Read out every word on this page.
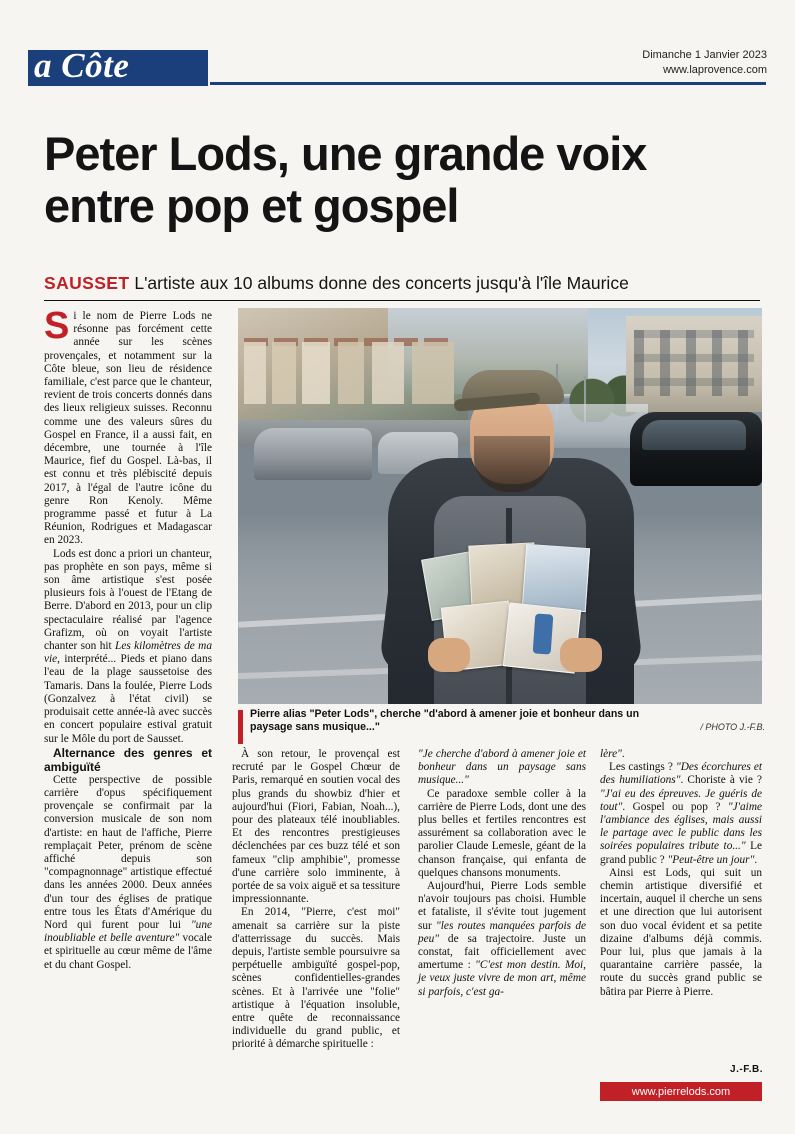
a Côte	Dimanche 1 Janvier 2023
www.laprovence.com
Peter Lods, une grande voix entre pop et gospel
SAUSSET L'artiste aux 10 albums donne des concerts jusqu'à l'île Maurice
Pierre alias "Peter Lods", cherche "d'abord à amener joie et bonheur dans un paysage sans musique..."	/ PHOTO J.-F.B.

Si le nom de Pierre Lods ne résonne pas forcément cette année sur les scènes provençales, et notamment sur la Côte bleue, son lieu de résidence familiale, c'est parce que le chanteur, revient de trois concerts donnés dans des lieux religieux suisses. Reconnu comme une des valeurs sûres du Gospel en France, il a aussi fait, en décembre, une tournée à l'île Maurice, fief du Gospel. Là-bas, il est connu et très plébiscité depuis 2017, à l'égal de l'autre icône du genre Ron Kenoly. Même programme passé et futur à La Réunion, Rodrigues et Madagascar en 2023.

Lods est donc a priori un chanteur, pas prophète en son pays, même si son âme artistique s'est posée plusieurs fois à l'ouest de l'Etang de Berre. D'abord en 2013, pour un clip spectaculaire réalisé par l'agence Grafizm, où on voyait l'artiste chanter son hit Les kilomètres de ma vie, interprété... Pieds et piano dans l'eau de la plage saussetoise des Tamaris. Dans la foulée, Pierre Lods (Gonzalvez à l'état civil) se produisait cette année-là avec succès en concert populaire estival gratuit sur le Môle du port de Sausset.

Alternance des genres et ambiguïté

Cette perspective de possible carrière d'opus spécifiquement provençale se confirmait par la conversion musicale de son nom d'artiste: en haut de l'affiche, Pierre remplaçait Peter, prénom de scène affiché depuis son "compagnonnage" artistique effectué dans les années 2000. Deux années d'un tour des églises de pratique entre tous les États d'Amérique du Nord qui furent pour lui "une inoubliable et belle aventure" vocale et spirituelle au cœur même de l'âme et du chant Gospel.

À son retour, le provençal est recruté par le Gospel Chœur de Paris, remarqué en soutien vocal des plus grands du showbiz d'hier et aujourd'hui (Fiori, Fabian, Noah...), pour des plateaux télé inoubliables. Et des rencontres prestigieuses déclenchées par ces buzz télé et son fameux "clip amphibie", promesse d'une carrière solo imminente, à portée de sa voix aiguë et sa tessiture impressionnante.

En 2014, "Pierre, c'est moi" amenait sa carrière sur la piste d'atterrissage du succès. Mais depuis, l'artiste semble poursuivre sa perpétuelle ambiguïté gospel-pop, scènes confidentielles-grandes scènes. Et à l'arrivée une "folie" artistique à l'équation insoluble, entre quête de reconnaissance individuelle du grand public, et priorité à démarche spirituelle :

"Je cherche d'abord à amener joie et bonheur dans un paysage sans musique..."

Ce paradoxe semble coller à la carrière de Pierre Lods, dont une des plus belles et fertiles rencontres est assurément sa collaboration avec le parolier Claude Lemesle, géant de la chanson française, qui enfanta de quelques chansons monuments.

Aujourd'hui, Pierre Lods semble n'avoir toujours pas choisi. Humble et fataliste, il s'évite tout jugement sur "les routes manquées parfois de peu" de sa trajectoire. Juste un constat, fait officiellement avec amertume : "C'est mon destin. Moi, je veux juste vivre de mon art, même si parfois, c'est ga-

lère".

Les castings ? "Des écorchures et des humiliations". Choriste à vie ? "J'ai eu des épreuves. Je guéris de tout". Gospel ou pop ? "J'aime l'ambiance des églises, mais aussi le partage avec le public dans les soirées populaires tribute to..." Le grand public ? "Peut-être un jour".

Ainsi est Lods, qui suit un chemin artistique diversifié et incertain, auquel il cherche un sens et une direction que lui autorisent son duo vocal évident et sa petite dizaine d'albums déjà commis. Pour lui, plus que jamais à la quarantaine carrière passée, la route du succès grand public se bâtira par Pierre à Pierre.

J.-F.B.
www.pierrelods.com
